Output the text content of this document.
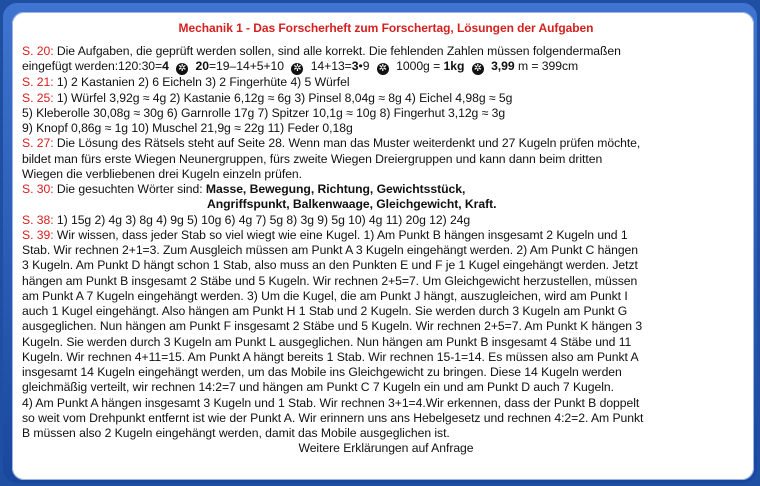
Mechanik 1 - Das Forscherheft zum Forschertag, Lösungen der Aufgaben
S. 20: Die Aufgaben, die geprüft werden sollen, sind alle korrekt. Die fehlenden Zahlen müssen folgendermaßen
eingefügt werden:120:30=4 ✲ 20=19–14+5+10 ✲ 14+13=3•9 ✲ 1000g = 1kg ✲ 3,99 m = 399cm
S. 21: 1) 2 Kastanien 2) 6 Eicheln 3) 2 Fingerhüte 4) 5 Würfel
S. 25: 1) Würfel 3,92g ≈ 4g 2) Kastanie 6,12g ≈ 6g 3) Pinsel 8,04g ≈ 8g 4) Eichel 4,98g ≈ 5g
5) Kleberolle 30,08g ≈ 30g 6) Garnrolle 17g 7) Spitzer 10,1g ≈ 10g 8) Fingerhut 3,12g ≈ 3g
9) Knopf 0,86g ≈ 1g 10) Muschel 21,9g ≈ 22g 11) Feder 0,18g
S. 27: Die Lösung des Rätsels steht auf Seite 28. Wenn man das Muster weiterdenkt und 27 Kugeln prüfen möchte,
bildet man fürs erste Wiegen Neunergruppen, fürs zweite Wiegen Dreiergruppen und kann dann beim dritten
Wiegen die verbliebenen drei Kugeln einzeln prüfen.
S. 30: Die gesuchten Wörter sind: Masse, Bewegung, Richtung, Gewichtsstück,
Angriffspunkt, Balkenwaage, Gleichgewicht, Kraft.
S. 38: 1) 15g 2) 4g 3) 8g 4) 9g 5) 10g 6) 4g 7) 5g 8) 3g 9) 5g 10) 4g 11) 20g 12) 24g
S. 39: Wir wissen, dass jeder Stab so viel wiegt wie eine Kugel. 1) Am Punkt B hängen insgesamt 2 Kugeln und 1
Stab. Wir rechnen 2+1=3. Zum Ausgleich müssen am Punkt A 3 Kugeln eingehängt werden. 2) Am Punkt C hängen
3 Kugeln. Am Punkt D hängt schon 1 Stab, also muss an den Punkten E und F je 1 Kugel eingehängt werden. Jetzt
hängen am Punkt B insgesamt 2 Stäbe und 5 Kugeln. Wir rechnen 2+5=7. Um Gleichgewicht herzustellen, müssen
am Punkt A 7 Kugeln eingehängt werden. 3) Um die Kugel, die am Punkt J hängt, auszugleichen, wird am Punkt I
auch 1 Kugel eingehängt. Also hängen am Punkt H 1 Stab und 2 Kugeln. Sie werden durch 3 Kugeln am Punkt G
ausgeglichen. Nun hängen am Punkt F insgesamt 2 Stäbe und 5 Kugeln. Wir rechnen 2+5=7. Am Punkt K hängen 3
Kugeln. Sie werden durch 3 Kugeln am Punkt L ausgeglichen. Nun hängen am Punkt B insgesamt 4 Stäbe und 11
Kugeln. Wir rechnen 4+11=15. Am Punkt A hängt bereits 1 Stab. Wir rechnen 15-1=14. Es müssen also am Punkt A
insgesamt 14 Kugeln eingehängt werden, um das Mobile ins Gleichgewicht zu bringen. Diese 14 Kugeln werden
gleichmäßig verteilt, wir rechnen 14:2=7 und hängen am Punkt C 7 Kugeln ein und am Punkt D auch 7 Kugeln.
4) Am Punkt A hängen insgesamt 3 Kugeln und 1 Stab. Wir rechnen 3+1=4.Wir erkennen, dass der Punkt B doppelt
so weit vom Drehpunkt entfernt ist wie der Punkt A. Wir erinnern uns ans Hebelgesetz und rechnen 4:2=2. Am Punkt
B müssen also 2 Kugeln eingehängt werden, damit das Mobile ausgeglichen ist.
Weitere Erklärungen auf Anfrage
